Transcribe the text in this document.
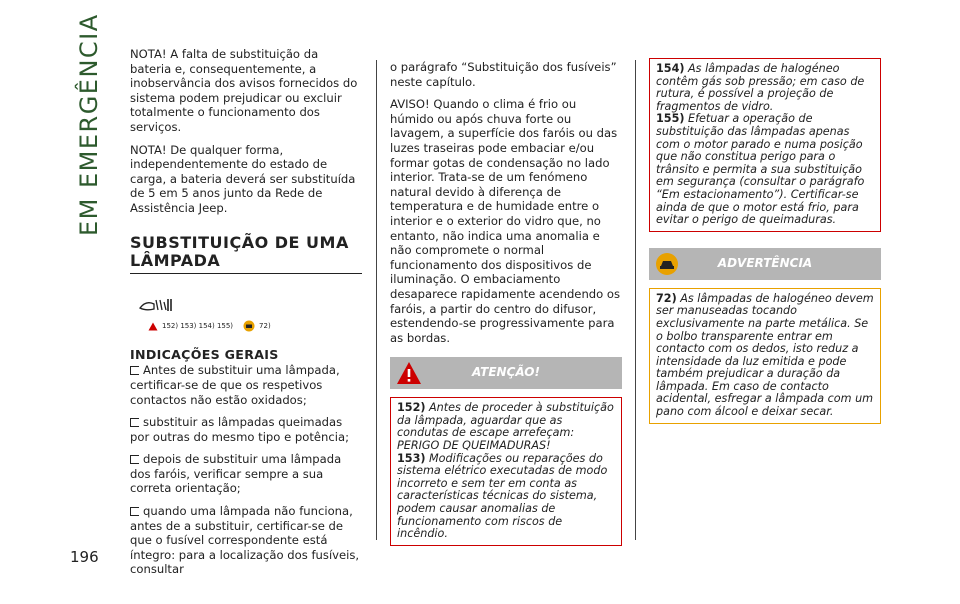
EM EMERGÊNCIA
196

NOTA! A falta de substituição da bateria e, consequentemente, a inobservância dos avisos fornecidos do sistema podem prejudicar ou excluir totalmente o funcionamento dos serviços.

NOTA! De qualquer forma, independentemente do estado de carga, a bateria deverá ser substituída de 5 em 5 anos junto da Rede de Assistência Jeep.

SUBSTITUIÇÃO DE UMA LÂMPADA
152) 153) 154) 155)	72)
INDICAÇÕES GERAIS

Antes de substituir uma lâmpada, certificar-se de que os respetivos contactos não estão oxidados;

substituir as lâmpadas queimadas por outras do mesmo tipo e potência;

depois de substituir uma lâmpada dos faróis, verificar sempre a sua correta orientação;

quando uma lâmpada não funciona, antes de a substituir, certificar-se de que o fusível correspondente está íntegro: para a localização dos fusíveis, consultar

o parágrafo “Substituição dos fusíveis” neste capítulo.

AVISO! Quando o clima é frio ou húmido ou após chuva forte ou lavagem, a superfície dos faróis ou das luzes traseiras pode embaciar e/ou formar gotas de condensação no lado interior. Trata-se de um fenómeno natural devido à diferença de temperatura e de humidade entre o interior e o exterior do vidro que, no entanto, não indica uma anomalia e não compromete o normal funcionamento dos dispositivos de iluminação. O embaciamento desaparece rapidamente acendendo os faróis, a partir do centro do difusor, estendendo-se progressivamente para as bordas.

ATENÇÃO!
152) Antes de proceder à substituição da lâmpada, aguardar que as condutas de escape arrefeçam: PERIGO DE QUEIMADURAS!
153) Modificações ou reparações do sistema elétrico executadas de modo incorreto e sem ter em conta as características técnicas do sistema, podem causar anomalias de funcionamento com riscos de incêndio.
154) As lâmpadas de halogéneo contêm gás sob pressão; em caso de rutura, é possível a projeção de fragmentos de vidro.
155) Efetuar a operação de substituição das lâmpadas apenas com o motor parado e numa posição que não constitua perigo para o trânsito e permita a sua substituição em segurança (consultar o parágrafo “Em estacionamento”). Certificar-se ainda de que o motor está frio, para evitar o perigo de queimaduras.
ADVERTÊNCIA
72) As lâmpadas de halogéneo devem ser manuseadas tocando exclusivamente na parte metálica. Se o bolbo transparente entrar em contacto com os dedos, isto reduz a intensidade da luz emitida e pode também prejudicar a duração da lâmpada. Em caso de contacto acidental, esfregar a lâmpada com um pano com álcool e deixar secar.
